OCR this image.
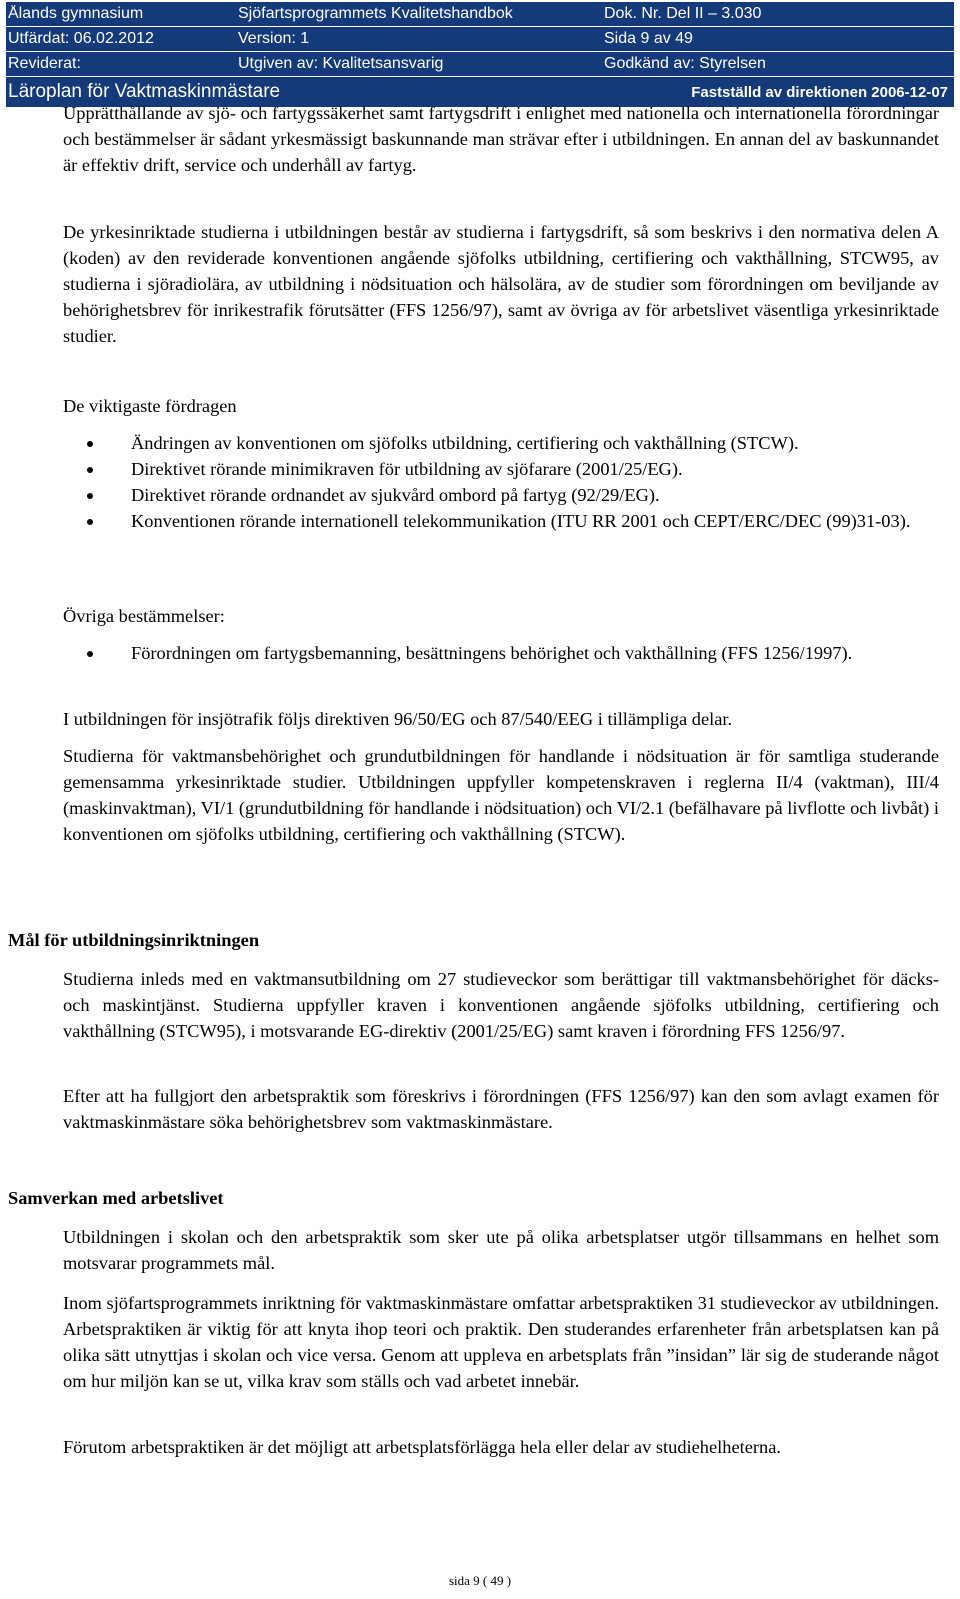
Ålands gymnasium	Sjöfartsprogrammets Kvalitetshandbok	Dok. Nr. Del II – 3.030
Utfärdat: 06.02.2012	Version: 1	Sida 9 av 49
Reviderat:	Utgiven av: Kvalitetsansvarig	Godkänd av: Styrelsen
Läroplan för Vaktmaskinmästare	Fastställd av direktionen 2006-12-07

Upprätthållande av sjö- och fartygssäkerhet samt fartygsdrift i enlighet med nationella och internationella förordningar och bestämmelser är sådant yrkesmässigt baskunnande man strävar efter i utbildningen. En annan del av baskunnandet är effektiv drift, service och underhåll av fartyg.

De yrkesinriktade studierna i utbildningen består av studierna i fartygsdrift, så som beskrivs i den normativa delen A (koden) av den reviderade konventionen angående sjöfolks utbildning, certifiering och vakthållning, STCW95, av studierna i sjöradiolära, av utbildning i nödsituation och hälsolära, av de studier som förordningen om beviljande av behörighetsbrev för inrikestrafik förutsätter (FFS 1256/97), samt av övriga av för arbetslivet väsentliga yrkesinriktade studier.

De viktigaste fördragen

Ändringen av konventionen om sjöfolks utbildning, certifiering och vakthållning (STCW).
Direktivet rörande minimikraven för utbildning av sjöfarare (2001/25/EG).
Direktivet rörande ordnandet av sjukvård ombord på fartyg (92/29/EG).
Konventionen rörande internationell telekommunikation (ITU RR 2001 och CEPT/ERC/DEC (99)31-03).

Övriga bestämmelser:

Förordningen om fartygsbemanning, besättningens behörighet och vakthållning (FFS 1256/1997).

I utbildningen för insjötrafik följs direktiven 96/50/EG och 87/540/EEG i tillämpliga delar.

Studierna för vaktmansbehörighet och grundutbildningen för handlande i nödsituation är för samtliga studerande gemensamma yrkesinriktade studier. Utbildningen uppfyller kompetenskraven i reglerna II/4 (vaktman), III/4 (maskinvaktman), VI/1 (grundutbildning för handlande i nödsituation) och VI/2.1 (befälhavare på livflotte och livbåt) i konventionen om sjöfolks utbildning, certifiering och vakthållning (STCW).

Mål för utbildningsinriktningen

Studierna inleds med en vaktmansutbildning om 27 studieveckor som berättigar till vaktmansbehörighet för däcks- och maskintjänst. Studierna uppfyller kraven i konventionen angående sjöfolks utbildning, certifiering och vakthållning (STCW95), i motsvarande EG-direktiv (2001/25/EG) samt kraven i förordning FFS 1256/97.

Efter att ha fullgjort den arbetspraktik som föreskrivs i förordningen (FFS 1256/97) kan den som avlagt examen för vaktmaskinmästare söka behörighetsbrev som vaktmaskinmästare.

Samverkan med arbetslivet

Utbildningen i skolan och den arbetspraktik som sker ute på olika arbetsplatser utgör tillsammans en helhet som motsvarar programmets mål.

Inom sjöfartsprogrammets inriktning för vaktmaskinmästare omfattar arbetspraktiken 31 studieveckor av utbildningen. Arbetspraktiken är viktig för att knyta ihop teori och praktik. Den studerandes erfarenheter från arbetsplatsen kan på olika sätt utnyttjas i skolan och vice versa. Genom att uppleva en arbetsplats från ”insidan” lär sig de studerande något om hur miljön kan se ut, vilka krav som ställs och vad arbetet innebär.

Förutom arbetspraktiken är det möjligt att arbetsplatsförlägga hela eller delar av studiehelheterna.

sida 9 ( 49 )
